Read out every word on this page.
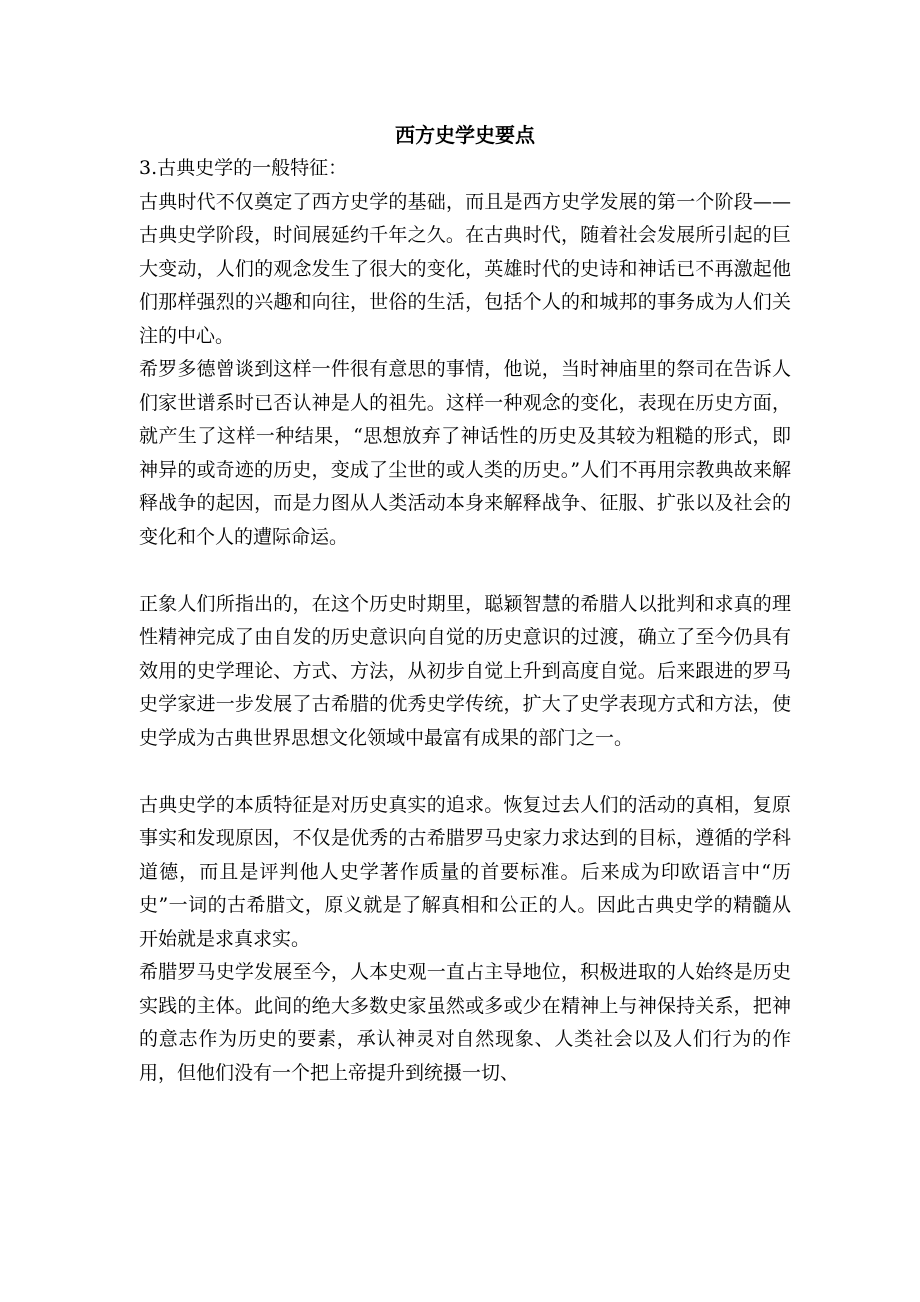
西方史学史要点

3.古典史学的一般特征：

古典时代不仅奠定了西方史学的基础，而且是西方史学发展的第一个阶段——古典史学阶段，时间展延约千年之久。在古典时代，随着社会发展所引起的巨大变动，人们的观念发生了很大的变化，英雄时代的史诗和神话已不再激起他们那样强烈的兴趣和向往，世俗的生活，包括个人的和城邦的事务成为人们关注的中心。

希罗多德曾谈到这样一件很有意思的事情，他说，当时神庙里的祭司在告诉人们家世谱系时已否认神是人的祖先。这样一种观念的变化，表现在历史方面，就产生了这样一种结果，“思想放弃了神话性的历史及其较为粗糙的形式，即神异的或奇迹的历史，变成了尘世的或人类的历史。”人们不再用宗教典故来解释战争的起因，而是力图从人类活动本身来解释战争、征服、扩张以及社会的变化和个人的遭际命运。

正象人们所指出的，在这个历史时期里，聪颖智慧的希腊人以批判和求真的理性精神完成了由自发的历史意识向自觉的历史意识的过渡，确立了至今仍具有效用的史学理论、方式、方法，从初步自觉上升到高度自觉。后来跟进的罗马史学家进一步发展了古希腊的优秀史学传统，扩大了史学表现方式和方法，使史学成为古典世界思想文化领域中最富有成果的部门之一。

古典史学的本质特征是对历史真实的追求。恢复过去人们的活动的真相，复原事实和发现原因，不仅是优秀的古希腊罗马史家力求达到的目标，遵循的学科道德，而且是评判他人史学著作质量的首要标准。后来成为印欧语言中“历史”一词的古希腊文，原义就是了解真相和公正的人。因此古典史学的精髓从开始就是求真求实。

希腊罗马史学发展至今，人本史观一直占主导地位，积极进取的人始终是历史实践的主体。此间的绝大多数史家虽然或多或少在精神上与神保持关系，把神的意志作为历史的要素，承认神灵对自然现象、人类社会以及人们行为的作用，但他们没有一个把上帝提升到统摄一切、
